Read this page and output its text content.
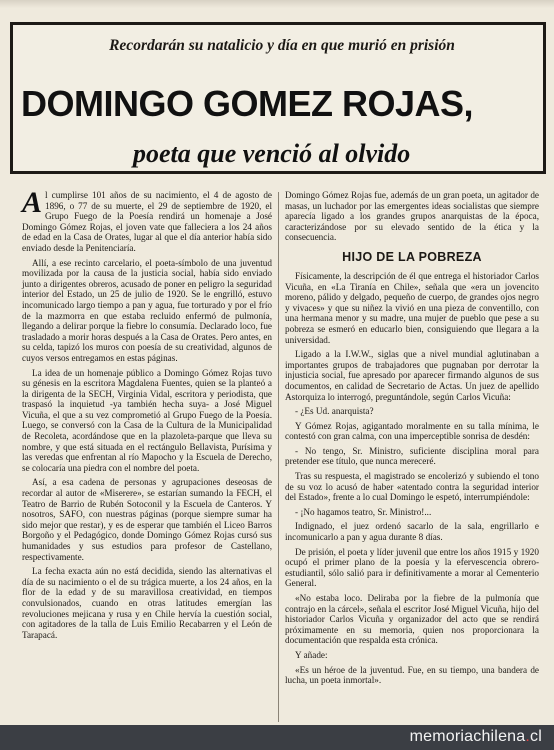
Recordarán su natalicio y día en que murió en prisión
DOMINGO GOMEZ ROJAS,
poeta que venció al olvido

Al cumplirse 101 años de su nacimiento, el 4 de agosto de 1896, o 77 de su muerte, el 29 de septiembre de 1920, el Grupo Fuego de la Poesía rendirá un homenaje a José Domingo Gómez Rojas, el joven vate que falleciera a los 24 años de edad en la Casa de Orates, lugar al que el día anterior había sido enviado desde la Penitenciaría.

Allí, a ese recinto carcelario, el poeta-símbolo de una juventud movilizada por la causa de la justicia social, había sido enviado junto a dirigentes obreros, acusado de poner en peligro la seguridad interior del Estado, un 25 de julio de 1920. Se le engrilló, estuvo incomunicado largo tiempo a pan y agua, fue torturado y por el frío de la mazmorra en que estaba recluido enfermó de pulmonía, llegando a delirar porque la fiebre lo consumía. Declarado loco, fue trasladado a morir horas después a la Casa de Orates. Pero antes, en su celda, tapizó los muros con poesía de su creatividad, algunos de cuyos versos entregamos en estas páginas.

La idea de un homenaje público a Domingo Gómez Rojas tuvo su génesis en la escritora Magdalena Fuentes, quien se la planteó a la dirigenta de la SECH, Virginia Vidal, escritora y periodista, que traspasó la inquietud -ya también hecha suya- a José Miguel Vicuña, el que a su vez comprometió al Grupo Fuego de la Poesía. Luego, se conversó con la Casa de la Cultura de la Municipalidad de Recoleta, acordándose que en la plazoleta-parque que lleva su nombre, y que está situada en el rectángulo Bellavista, Purísima y las veredas que enfrentan al río Mapocho y la Escuela de Derecho, se colocaría una piedra con el nombre del poeta.

Así, a esa cadena de personas y agrupaciones deseosas de recordar al autor de «Miserere», se estarían sumando la FECH, el Teatro de Barrio de Rubén Sotoconil y la Escuela de Canteros. Y nosotros, SAFO, con nuestras páginas (porque siempre sumar ha sido mejor que restar), y es de esperar que también el Liceo Barros Borgoño y el Pedagógico, donde Domingo Gómez Rojas cursó sus humanidades y sus estudios para profesor de Castellano, respectivamente.

La fecha exacta aún no está decidida, siendo las alternativas el día de su nacimiento o el de su trágica muerte, a los 24 años, en la flor de la edad y de su maravillosa creatividad, en tiempos convulsionados, cuando en otras latitudes emergían las revoluciones mejicana y rusa y en Chile hervía la cuestión social, con agitadores de la talla de Luis Emilio Recabarren y el León de Tarapacá.

Domingo Gómez Rojas fue, además de un gran poeta, un agitador de masas, un luchador por las emergentes ideas socialistas que siempre aparecía ligado a los grandes grupos anarquistas de la época, caracterizándose por su elevado sentido de la ética y la consecuencia.

HIJO DE LA POBREZA

Físicamente, la descripción de él que entrega el historiador Carlos Vicuña, en «La Tiranía en Chile», señala que «era un jovencito moreno, pálido y delgado, pequeño de cuerpo, de grandes ojos negro y vivaces» y que su niñez la vivió en una pieza de conventillo, con una hermana menor y su madre, una mujer de pueblo que pese a su pobreza se esmeró en educarlo bien, consiguiendo que llegara a la universidad.

Ligado a la I.W.W., siglas que a nivel mundial aglutinaban a importantes grupos de trabajadores que pugnaban por derrotar la injusticia social, fue apresado por aparecer firmando algunos de sus documentos, en calidad de Secretario de Actas. Un juez de apellido Astorquiza lo interrogó, preguntándole, según Carlos Vicuña:

- ¿Es Ud. anarquista?

Y Gómez Rojas, agigantado moralmente en su talla mínima, le contestó con gran calma, con una imperceptible sonrisa de desdén:

- No tengo, Sr. Ministro, suficiente disciplina moral para pretender ese título, que nunca mereceré.

Tras su respuesta, el magistrado se encolerizó y subiendo el tono de su voz lo acusó de haber «atentado contra la seguridad interior del Estado», frente a lo cual Domingo le espetó, interrumpiéndole:

- ¡No hagamos teatro, Sr. Ministro!...

Indignado, el juez ordenó sacarlo de la sala, engrillarlo e incomunicarlo a pan y agua durante 8 días.

De prisión, el poeta y líder juvenil que entre los años 1915 y 1920 ocupó el primer plano de la poesía y la efervescencia obrero-estudiantil, sólo salió para ir definitivamente a morar al Cementerio General.

«No estaba loco. Deliraba por la fiebre de la pulmonía que contrajo en la cárcel», señala el escritor José Miguel Vicuña, hijo del historiador Carlos Vicuña y organizador del acto que se rendirá próximamente en su memoria, quien nos proporcionara la documentación que respalda esta crónica.

Y añade:

«Es un héroe de la juventud. Fue, en su tiempo, una bandera de lucha, un poeta inmortal».

memoriachilena.cl
